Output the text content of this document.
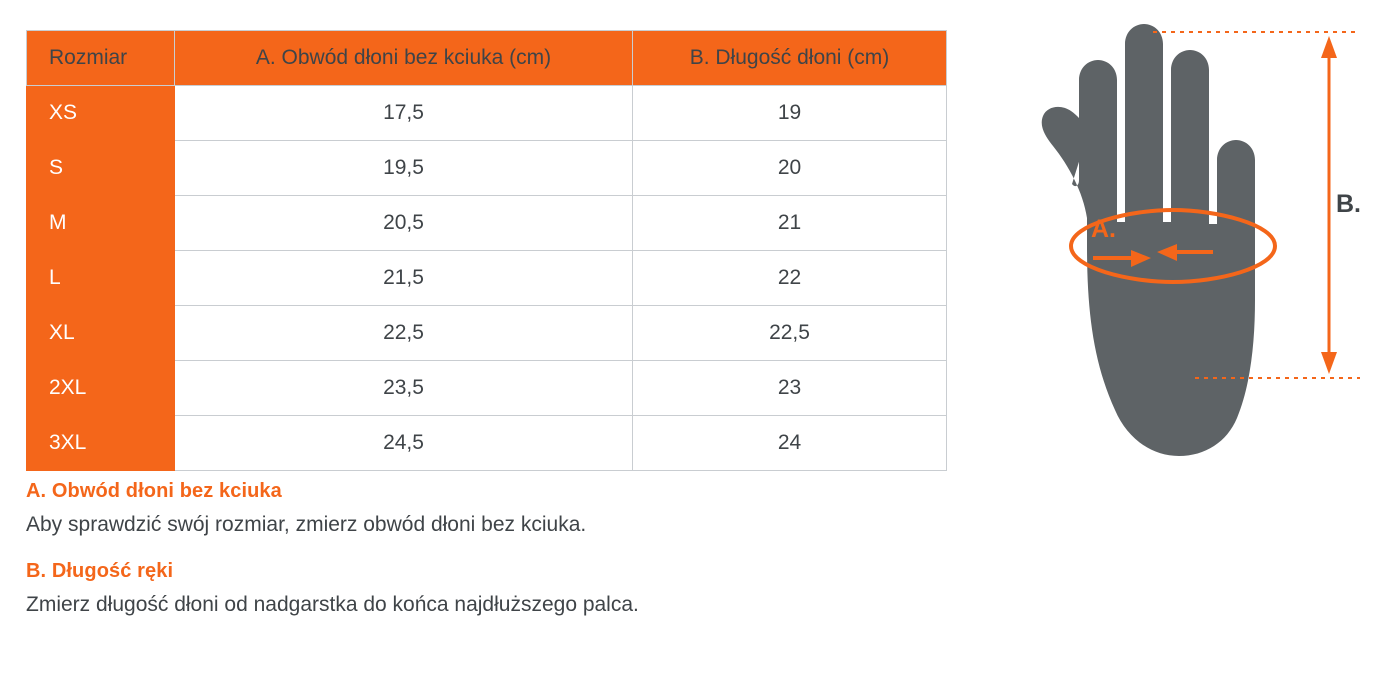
Rozmiar	A. Obwód dłoni bez kciuka (cm)	B. Długość dłoni (cm)
XS	17,5	19
S	19,5	20
M	20,5	21
L	21,5	22
XL	22,5	22,5
2XL	23,5	23
3XL	24,5	24
A. Obwód dłoni bez kciuka
Aby sprawdzić swój rozmiar, zmierz obwód dłoni bez kciuka.
B. Długość ręki
Zmierz długość dłoni od nadgarstka do końca najdłuższego palca.
A.
B.
